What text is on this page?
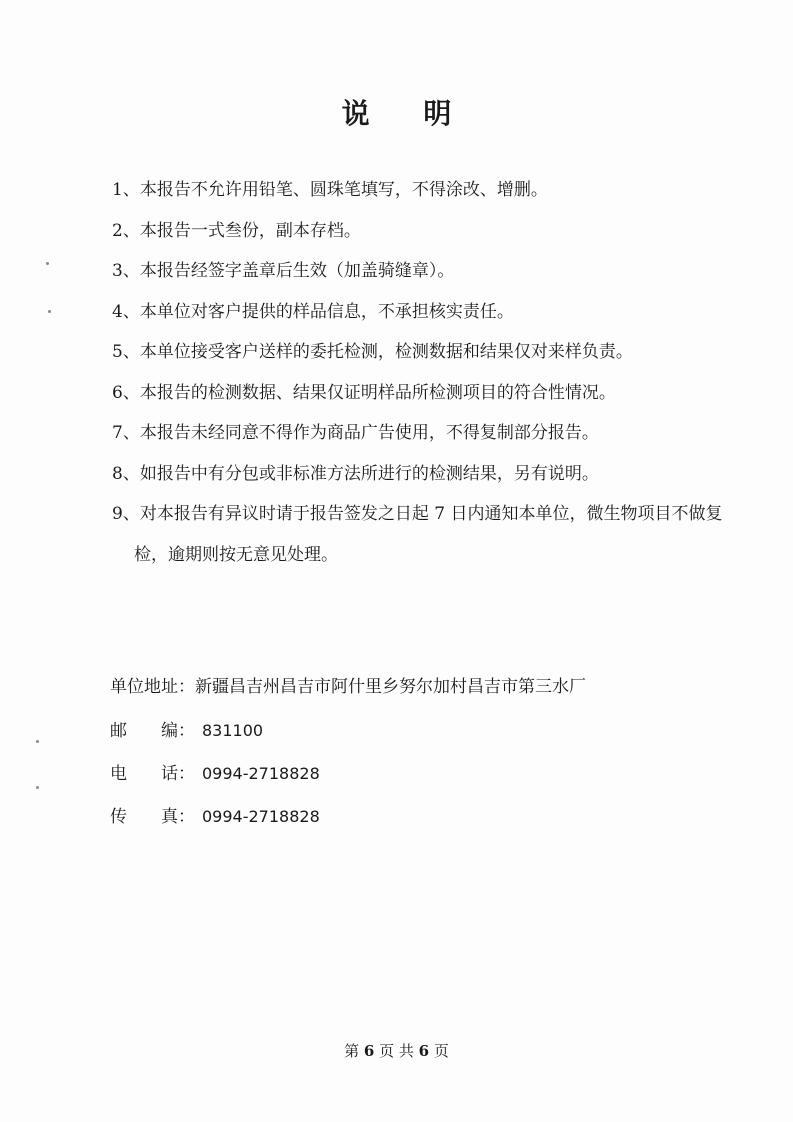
说 明
1、本报告不允许用铅笔、圆珠笔填写，不得涂改、增删。
2、本报告一式叁份，副本存档。
3、本报告经签字盖章后生效（加盖骑缝章）。
4、本单位对客户提供的样品信息，不承担核实责任。
5、本单位接受客户送样的委托检测，检测数据和结果仅对来样负责。
6、本报告的检测数据、结果仅证明样品所检测项目的符合性情况。
7、本报告未经同意不得作为商品广告使用，不得复制部分报告。
8、如报告中有分包或非标准方法所进行的检测结果，另有说明。
9、对本报告有异议时请于报告签发之日起 7 日内通知本单位，微生物项目不做复检，逾期则按无意见处理。
单位地址：新疆昌吉州昌吉市阿什里乡努尔加村昌吉市第三水厂
邮　　编： 831100
电　　话： 0994-2718828
传　　真： 0994-2718828
第 6 页 共 6 页
